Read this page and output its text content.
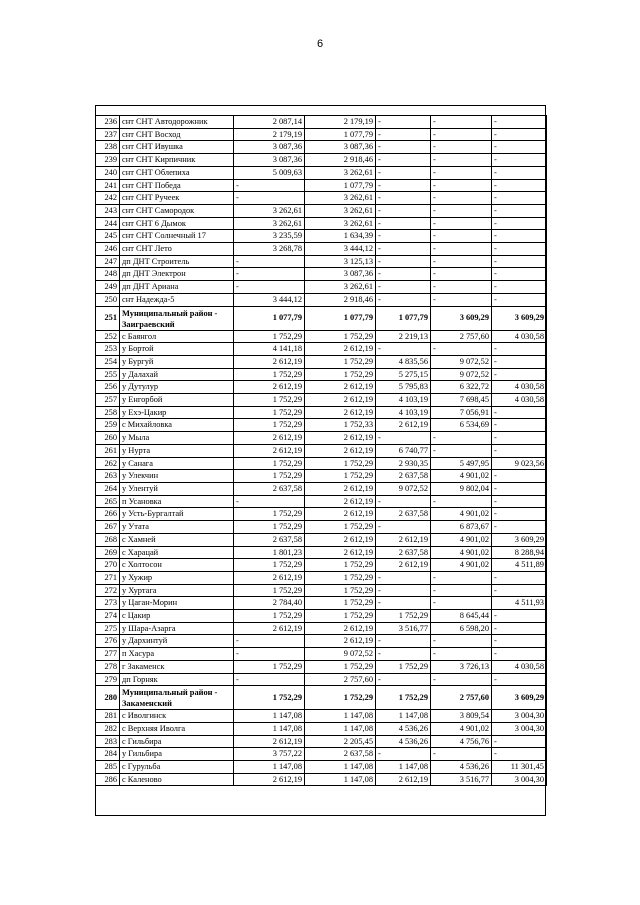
6
236	снт СНТ Автодорожник	2 087,14	2 179,19	-	-	-
237	снт СНТ Восход	2 179,19	1 077,79	-	-	-
238	снт СНТ Ивушка	3 087,36	3 087,36	-	-	-
239	снт СНТ Кирпичник	3 087,36	2 918,46	-	-	-
240	снт СНТ Облепиха	5 009,63	3 262,61	-	-	-
241	снт СНТ Победа	-	1 077,79	-	-	-
242	снт СНТ Ручеек	-	3 262,61	-	-	-
243	снт СНТ Самородок	3 262,61	3 262,61	-	-	-
244	снт СНТ 6 Дымок	3 262,61	3 262,61	-	-	-
245	снт СНТ Солнечный 17	3 235,59	1 634,39	-	-	-
246	снт СНТ Лето	3 268,78	3 444,12	-	-	-
247	дп ДНТ Строитель	-	3 125,13	-	-	-
248	дп ДНТ Электрон	-	3 087,36	-	-	-
249	дп ДНТ Ариана	-	3 262,61	-	-	-
250	снт Надежда-5	3 444,12	2 918,46	-	-	-
251	Муниципальный район - Заиграевский	1 077,79	1 077,79	1 077,79	3 609,29	3 609,29
252	с Баянгол	1 752,29	1 752,29	2 219,13	2 757,60	4 030,58
253	у Бортой	4 141,18	2 612,19	-	-	-
254	у Бургуй	2 612,19	1 752,29	4 835,56	9 072,52	-
255	у Далахай	1 752,29	1 752,29	5 275,15	9 072,52	-
256	у Дутулур	2 612,19	2 612,19	5 795,83	6 322,72	4 030,58
257	у Енгорбой	1 752,29	2 612,19	4 103,19	7 698,45	4 030,58
258	у Ехэ-Цакир	1 752,29	2 612,19	4 103,19	7 056,91	-
259	с Михайловка	1 752,29	1 752,33	2 612,19	6 534,69	-
260	у Мыла	2 612,19	2 612,19	-	-	-
261	у Нурта	2 612,19	2 612,19	6 740,77	-	-
262	у Санага	1 752,29	1 752,29	2 930,35	5 497,95	9 023,56
263	у Улекчин	1 752,29	1 752,29	2 637,58	4 901,02	-
264	у Улентуй	2 637,58	2 612,19	9 072,52	9 802,04	-
265	п Усановка	-	2 612,19	-	-	-
266	у Усть-Бургалтай	1 752,29	2 612,19	2 637,58	4 901,02	-
267	у Утата	1 752,29	1 752,29	-	6 873,67	-
268	с Хамней	2 637,58	2 612,19	2 612,19	4 901,02	3 609,29
269	с Харацай	1 801,23	2 612,19	2 637,58	4 901,02	8 288,94
270	с Холтосон	1 752,29	1 752,29	2 612,19	4 901,02	4 511,89
271	у Хужир	2 612,19	1 752,29	-	-	-
272	у Хуртага	1 752,29	1 752,29	-	-	-
273	у Цаган-Морин	2 784,40	1 752,29	-	-	4 511,93
274	с Цакир	1 752,29	1 752,29	1 752,29	8 645,44	-
275	у Шара-Азарга	2 612,19	2 612,19	3 516,77	6 598,20	-
276	у Дархинтуй	-	2 612,19	-	-	-
277	п Хасура	-	9 072,52	-	-	-
278	г Закаменск	1 752,29	1 752,29	1 752,29	3 726,13	4 030,58
279	дп Горняк	-	2 757,60	-	-	-
280	Муниципальный район - Закаменский	1 752,29	1 752,29	1 752,29	2 757,60	3 609,29
281	с Иволгинск	1 147,08	1 147,08	1 147,08	3 809,54	3 004,30
282	с Верхняя Иволга	1 147,08	1 147,08	4 536,26	4 901,02	3 004,30
283	с Гильбира	2 612,19	2 205,45	4 536,26	4 756,76	-
284	у Гильбира	3 757,22	2 637,58	-	-	-
285	с Гурульба	1 147,08	1 147,08	1 147,08	4 536,26	11 301,45
286	с Каленово	2 612,19	1 147,08	2 612,19	3 516,77	3 004,30
